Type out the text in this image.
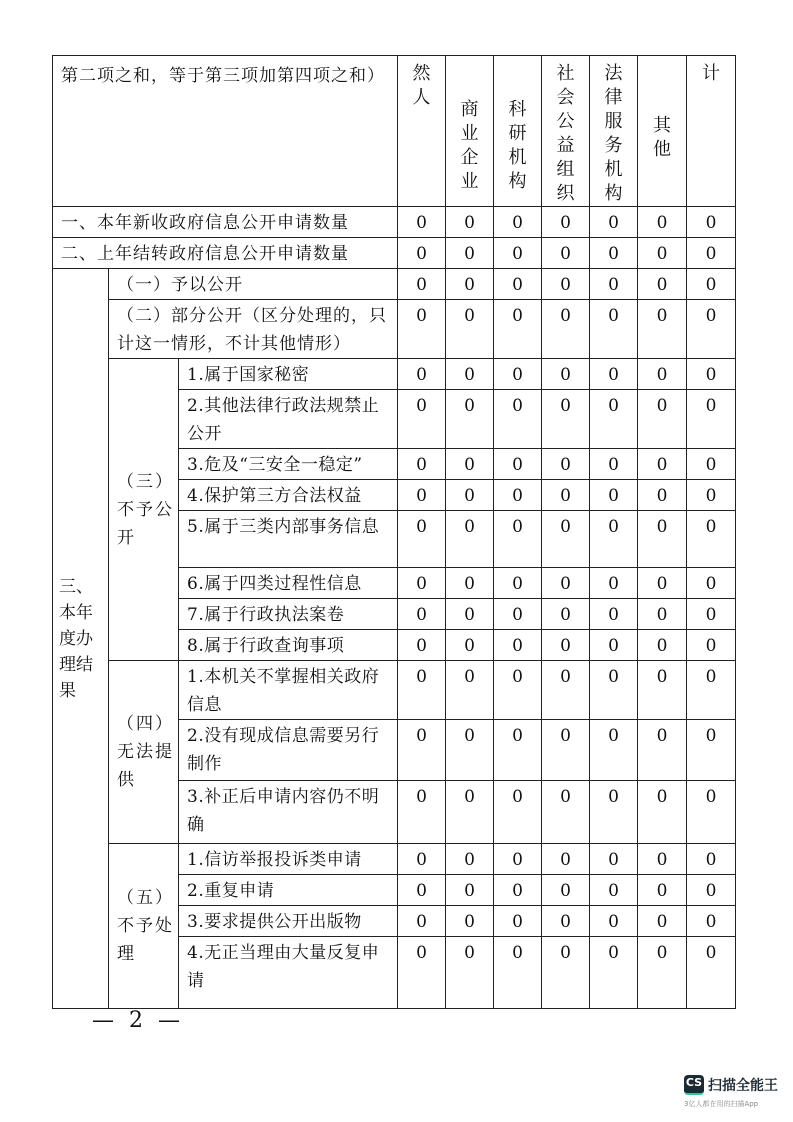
第二项之和，等于第三项加第四项之和）			然人	商业企业	科研机构	社会公益组织	法律服务机构	其他	计

一、本年新收政府信息公开申请数量			0	0	0	0	0	0	0
二、上年结转政府信息公开申请数量			0	0	0	0	0	0	0
三、本年度办理结果	（一）予以公开		0	0	0	0	0	0	0
	（二）部分公开（区分处理的，只计这一情形，不计其他情形）		0	0	0	0	0	0	0
	（三）不予公开	1.属于国家秘密	0	0	0	0	0	0	0
		2.其他法律行政法规禁止公开	0	0	0	0	0	0	0
		3.危及“三安全一稳定”	0	0	0	0	0	0	0
		4.保护第三方合法权益	0	0	0	0	0	0	0
		5.属于三类内部事务信息	0	0	0	0	0	0	0
		6.属于四类过程性信息	0	0	0	0	0	0	0
		7.属于行政执法案卷	0	0	0	0	0	0	0
		8.属于行政查询事项	0	0	0	0	0	0	0
	（四）无法提供	1.本机关不掌握相关政府信息	0	0	0	0	0	0	0
		2.没有现成信息需要另行制作	0	0	0	0	0	0	0
		3.补正后申请内容仍不明确	0	0	0	0	0	0	0
	（五）不予处理	1.信访举报投诉类申请	0	0	0	0	0	0	0
		2.重复申请	0	0	0	0	0	0	0
		3.要求提供公开出版物	0	0	0	0	0	0	0
		4.无正当理由大量反复申请	0	0	0	0	0	0	0
— 2 —
CS 扫描全能王
3亿人都在用的扫描App
